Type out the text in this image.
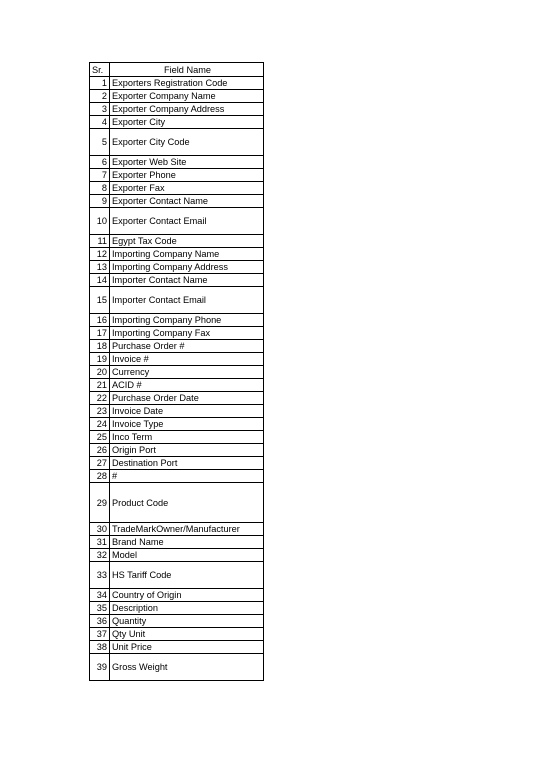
Sr.	Field Name
1	Exporters Registration Code
2	Exporter Company Name
3	Exporter Company Address
4	Exporter City
5	Exporter City Code
6	Exporter Web Site
7	Exporter Phone
8	Exporter Fax
9	Exporter Contact Name
10	Exporter Contact Email
11	Egypt Tax Code
12	Importing Company Name
13	Importing Company Address
14	Importer Contact Name
15	Importer Contact Email
16	Importing Company Phone
17	Importing Company Fax
18	Purchase Order #
19	Invoice #
20	Currency
21	ACID #
22	Purchase Order Date
23	Invoice Date
24	Invoice Type
25	Inco Term
26	Origin Port
27	Destination Port
28	#
29	Product Code
30	TradeMarkOwner/Manufacturer
31	Brand Name
32	Model
33	HS Tariff Code
34	Country of Origin
35	Description
36	Quantity
37	Qty Unit
38	Unit Price
39	Gross Weight
